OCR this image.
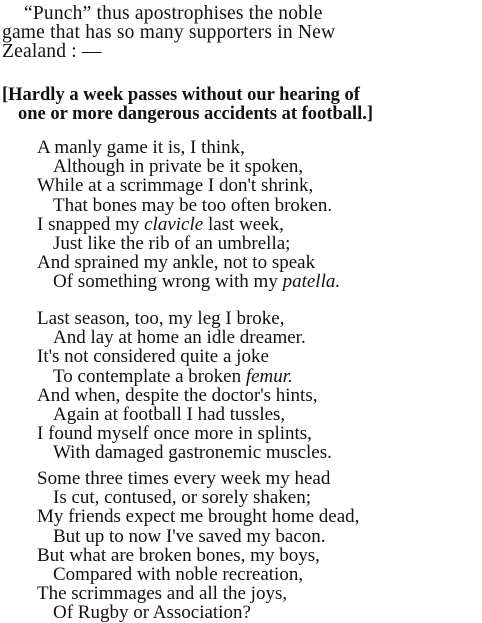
“Punch” thus apostrophises the noble
game that has so many supporters in New
Zealand : —
[Hardly a week passes without our hearing of
one or more dangerous accidents at football.]
A manly game it is, I think,
Although in private be it spoken,
While at a scrimmage I don't shrink,
That bones may be too often broken.
I snapped my clavicle last week,
Just like the rib of an umbrella;
And sprained my ankle, not to speak
Of something wrong with my patella.
Last season, too, my leg I broke,
And lay at home an idle dreamer.
It's not considered quite a joke
To contemplate a broken femur.
And when, despite the doctor's hints,
Again at football I had tussles,
I found myself once more in splints,
With damaged gastronemic muscles.
Some three times every week my head
Is cut, contused, or sorely shaken;
My friends expect me brought home dead,
But up to now I've saved my bacon.
But what are broken bones, my boys,
Compared with noble recreation,
The scrimmages and all the joys,
Of Rugby or Association?
